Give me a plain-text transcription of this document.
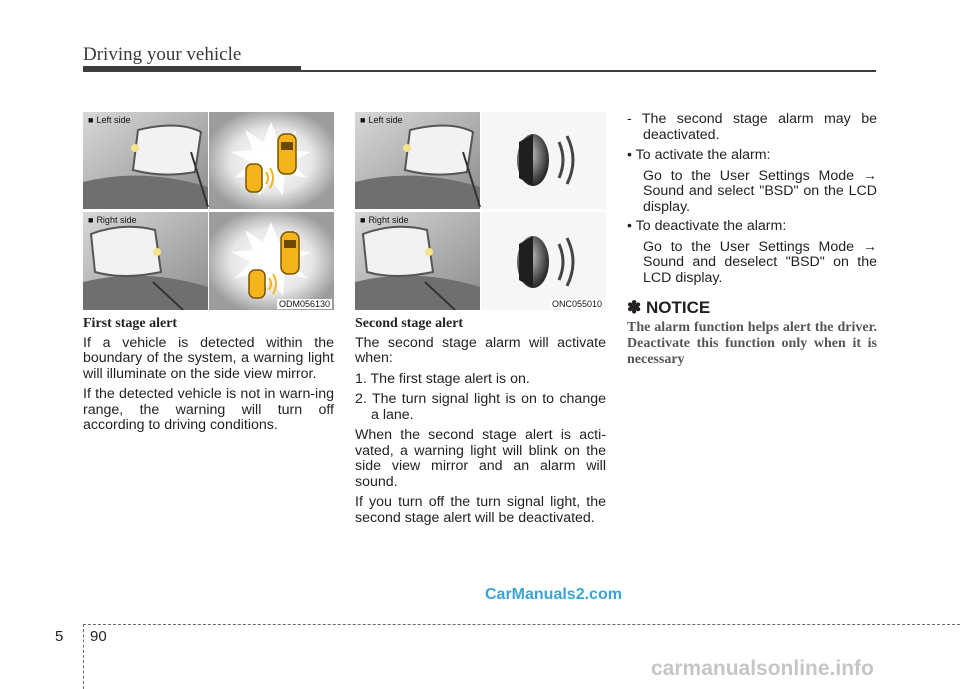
Driving your vehicle
■ Left side
■ Right side
ODM056130
■ Left side
■ Right side
ONC055010
First stage alert
If a vehicle is detected within the boundary of the system, a warning light will illuminate on the side view mirror.
If the detected vehicle is not in warn-ing range, the warning will turn off according to driving conditions.
Second stage alert
The second stage alarm will activate when:
1. The first stage alert is on.
2. The turn signal light is on to change a lane.
When the second stage alert is acti-vated, a warning light will blink on the side view mirror and an alarm will sound.
If you turn off the turn signal light, the second stage alert will be deactivated.
- The second stage alarm may be deactivated.
• To activate the alarm:
Go to the User Settings Mode → Sound and select "BSD" on the LCD display.
• To deactivate the alarm:
Go to the User Settings Mode → Sound and deselect "BSD" on the LCD display.
✽ NOTICE
The alarm function helps alert the driver. Deactivate this function only when it is necessary
5 90
CarManuals2.com
carmanualsonline.info
